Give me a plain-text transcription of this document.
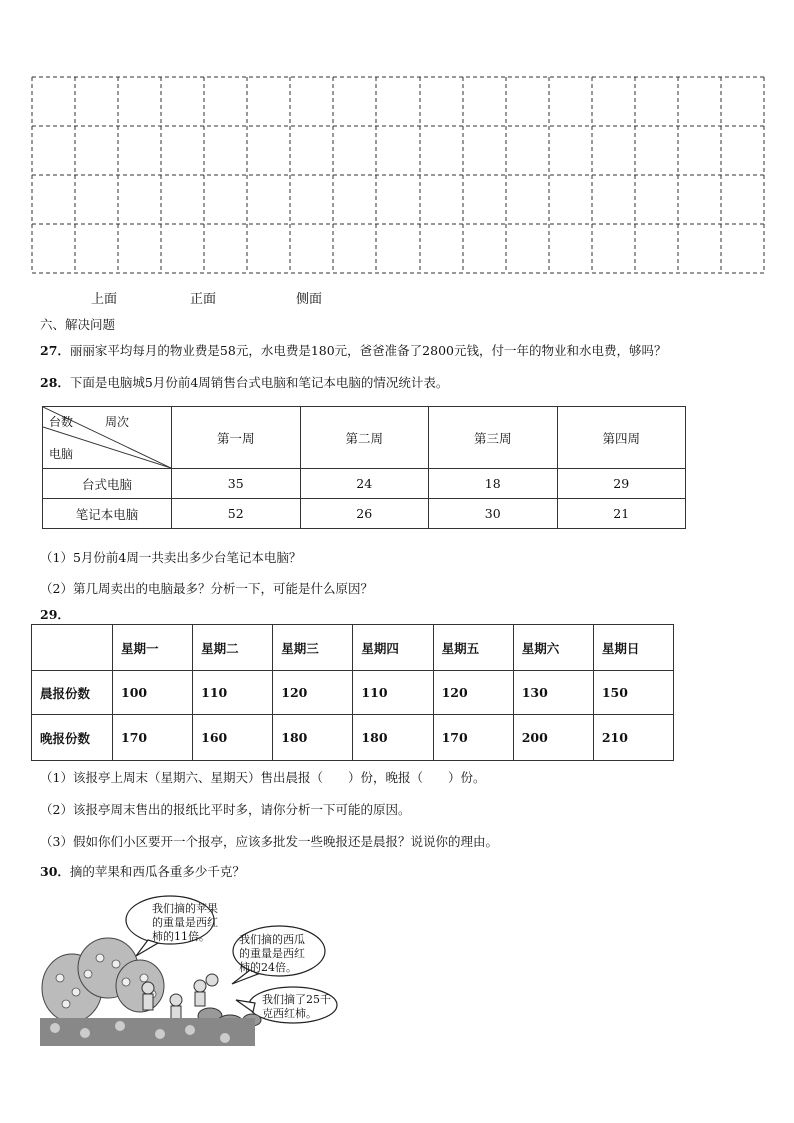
上面	正面	侧面
六、解决问题
27．丽丽家平均每月的物业费是58元，水电费是180元，爸爸准备了2800元钱，付一年的物业和水电费，够吗？
28．下面是电脑城5月份前4周销售台式电脑和笔记本电脑的情况统计表。
台数 周次
电脑	第一周	第二周	第三周	第四周
台式电脑	35	24	18	29
笔记本电脑	52	26	30	21
（1）5月份前4周一共卖出多少台笔记本电脑？
（2）第几周卖出的电脑最多？分析一下，可能是什么原因？
29．
	星期一	星期二	星期三	星期四	星期五	星期六	星期日
晨报份数	100	110	120	110	120	130	150
晚报份数	170	160	180	180	170	200	210
（1）该报亭上周末（星期六、星期天）售出晨报（　　）份，晚报（　　）份。
（2）该报亭周末售出的报纸比平时多，请你分析一下可能的原因。
（3）假如你们小区要开一个报亭，应该多批发一些晚报还是晨报？说说你的理由。
30．摘的苹果和西瓜各重多少千克？
我们摘的苹果
的重量是西红
柿的11倍。	我们摘的西瓜
的重量是西红
柿的24倍。
我们摘了25千
克西红柿。
